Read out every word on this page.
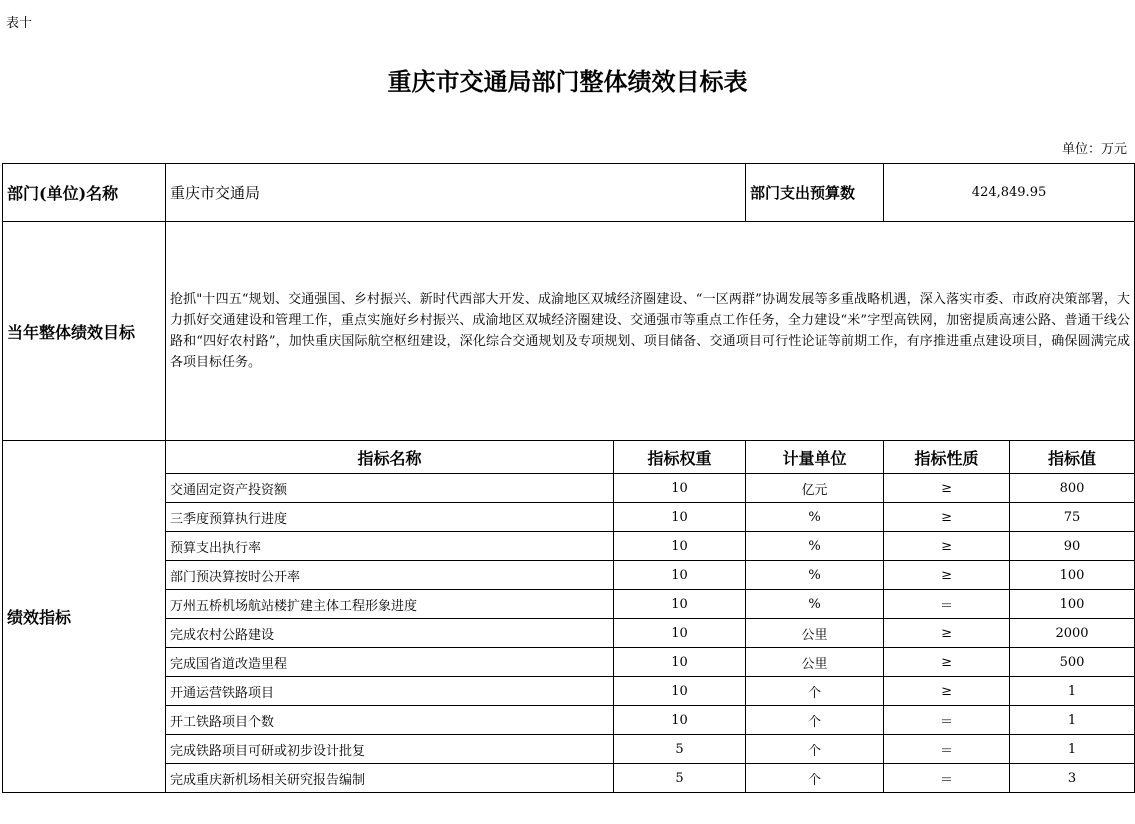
表十
重庆市交通局部门整体绩效目标表
单位：万元
部门(单位)名称	重庆市交通局		部门支出预算数	424,849.95	
当年整体绩效目标	抢抓"十四五“规划、交通强国、乡村振兴、新时代西部大开发、成渝地区双城经济圈建设、“一区两群”协调发展等多重战略机遇，深入落实市委、市政府决策部署，大力抓好交通建设和管理工作，重点实施好乡村振兴、成渝地区双城经济圈建设、交通强市等重点工作任务，全力建设“米”字型高铁网，加密提质高速公路、普通干线公路和“四好农村路”，加快重庆国际航空枢纽建设，深化综合交通规划及专项规划、项目储备、交通项目可行性论证等前期工作，有序推进重点建设项目，确保圆满完成各项目标任务。				
绩效指标	指标名称	指标权重	计量单位	指标性质	指标值
	交通固定资产投资额	10	亿元	≥	800
	三季度预算执行进度	10	%	≥	75
	预算支出执行率	10	%	≥	90
	部门预决算按时公开率	10	%	≥	100
	万州五桥机场航站楼扩建主体工程形象进度	10	%	＝	100
	完成农村公路建设	10	公里	≥	2000
	完成国省道改造里程	10	公里	≥	500
	开通运营铁路项目	10	个	≥	1
	开工铁路项目个数	10	个	＝	1
	完成铁路项目可研或初步设计批复	5	个	＝	1
	完成重庆新机场相关研究报告编制	5	个	＝	3
